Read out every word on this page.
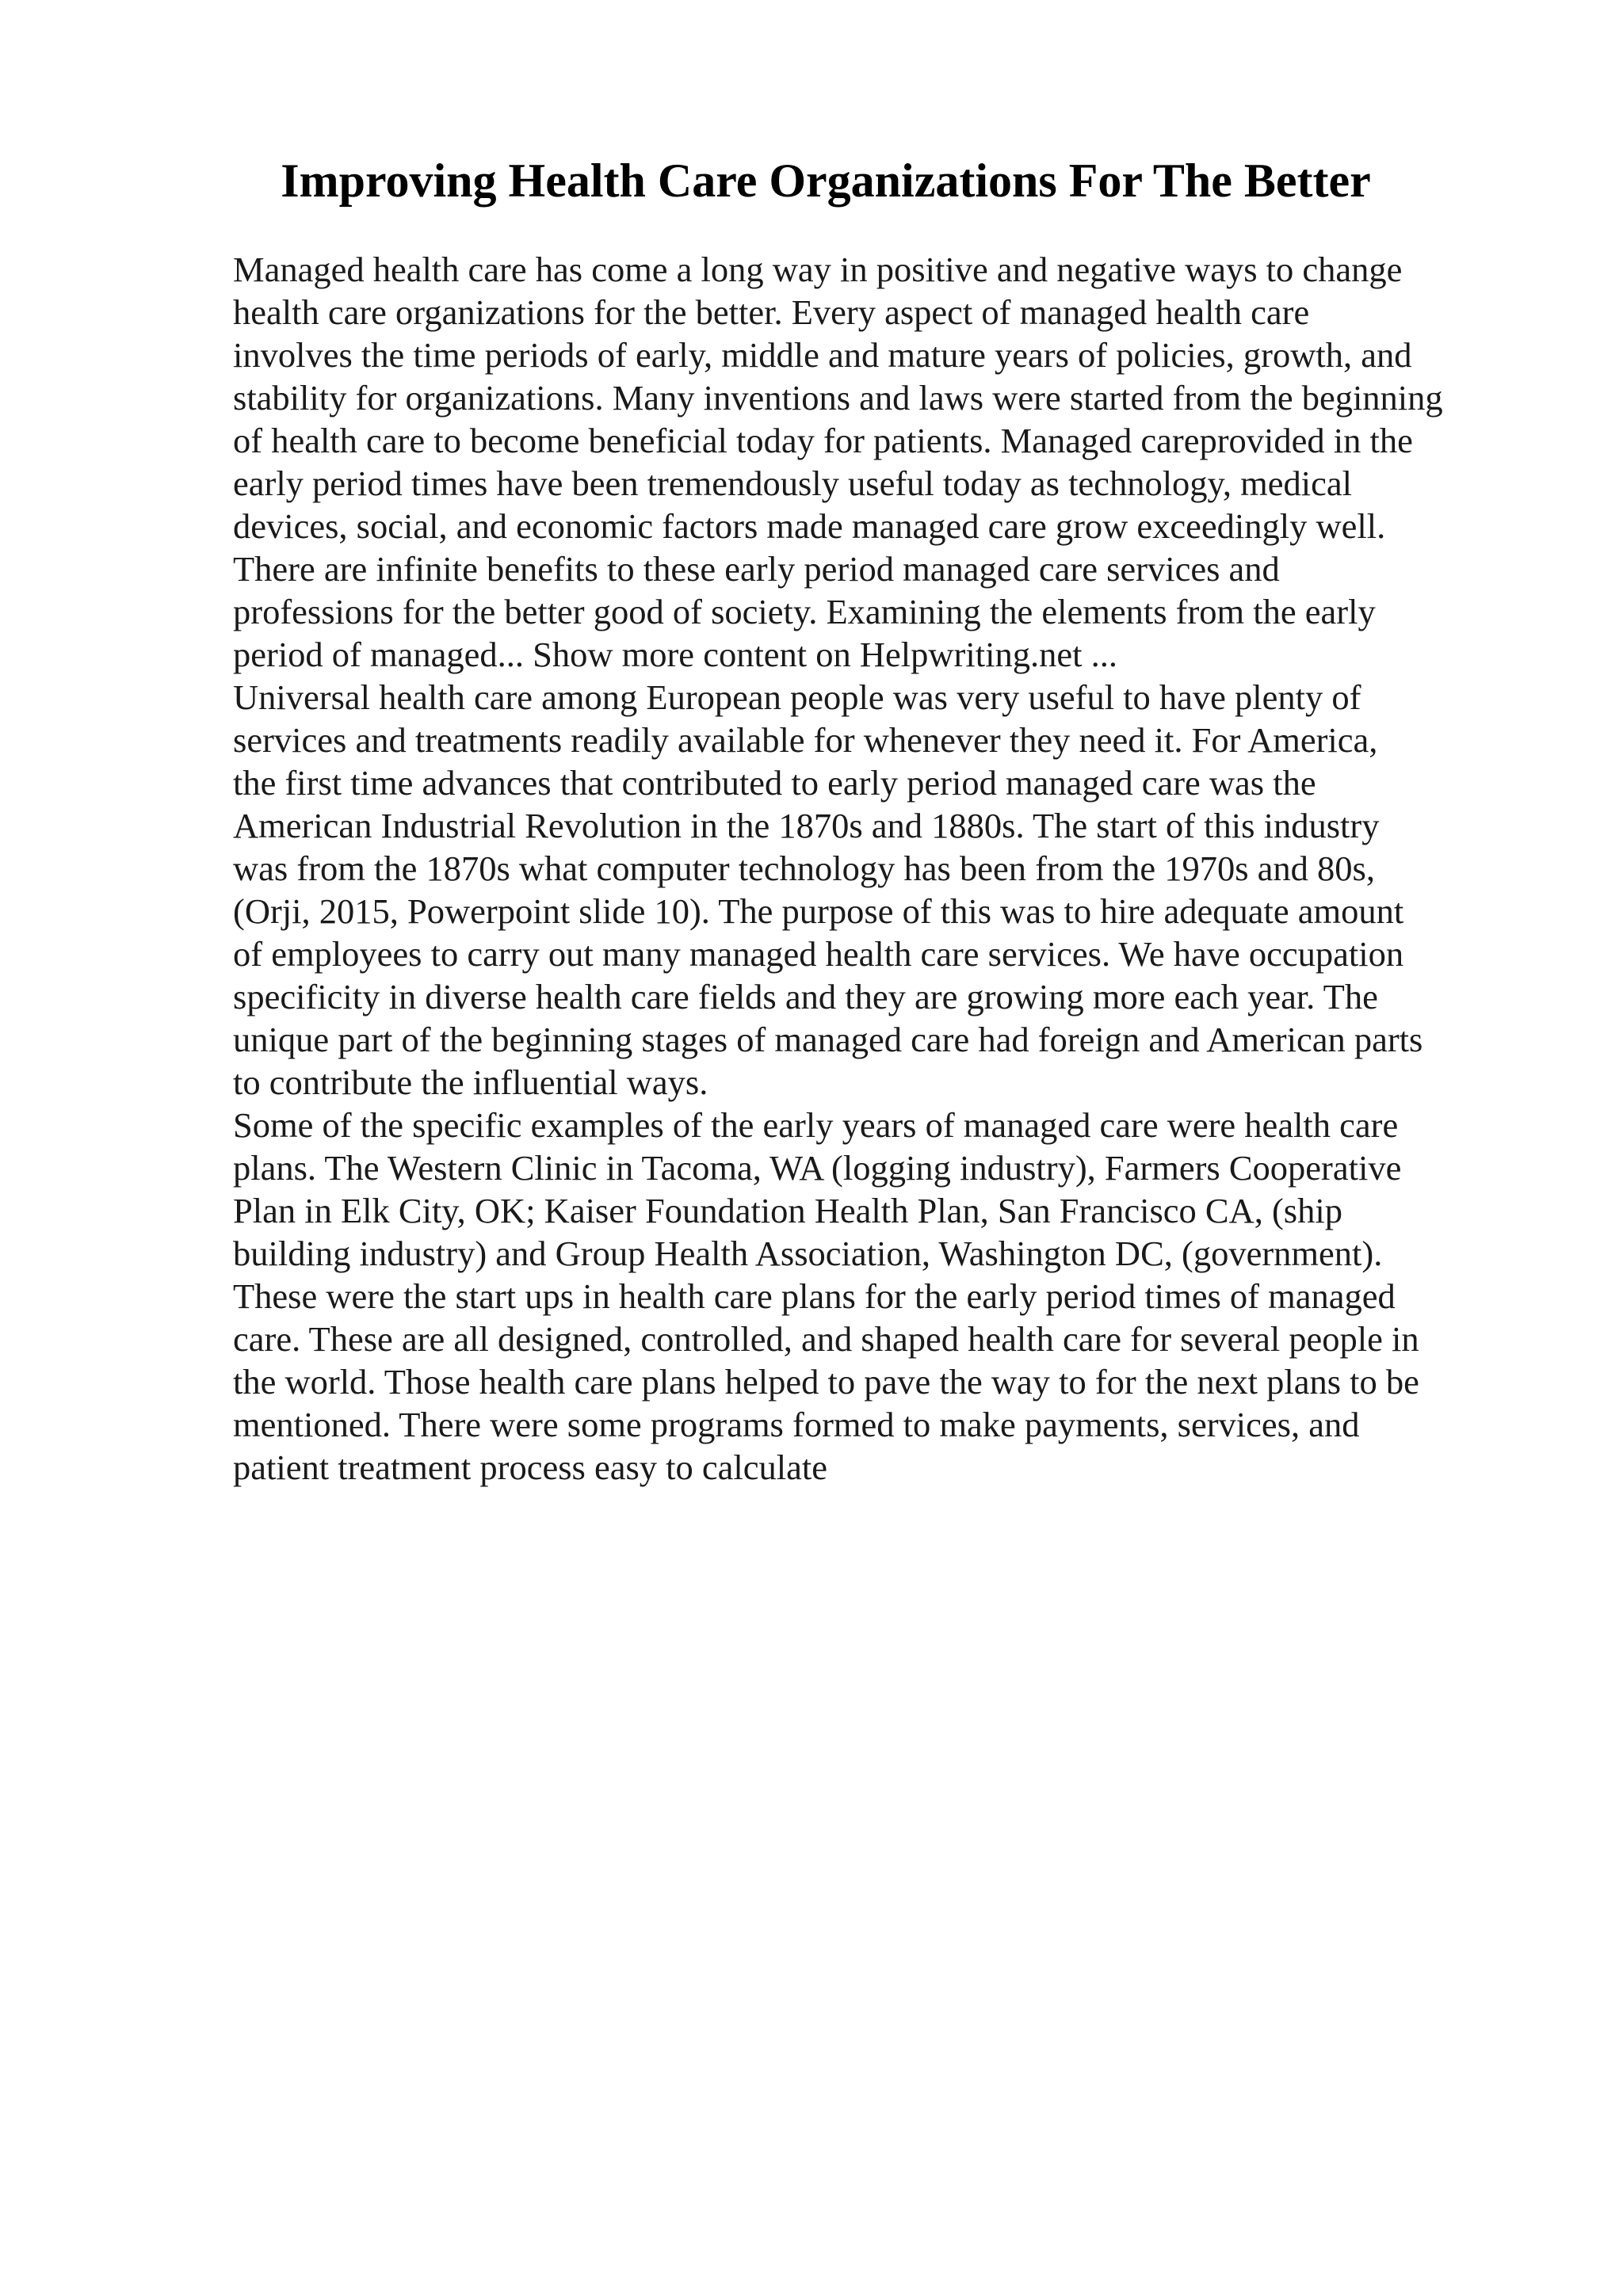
Improving Health Care Organizations For The Better
Managed health care has come a long way in positive and negative ways to change
health care organizations for the better. Every aspect of managed health care
involves the time periods of early, middle and mature years of policies, growth, and
stability for organizations. Many inventions and laws were started from the beginning
of health care to become beneficial today for patients. Managed careprovided in the
early period times have been tremendously useful today as technology, medical
devices, social, and economic factors made managed care grow exceedingly well.
There are infinite benefits to these early period managed care services and
professions for the better good of society. Examining the elements from the early
period of managed... Show more content on Helpwriting.net ...
Universal health care among European people was very useful to have plenty of
services and treatments readily available for whenever they need it. For America,
the first time advances that contributed to early period managed care was the
American Industrial Revolution in the 1870s and 1880s. The start of this industry
was from the 1870s what computer technology has been from the 1970s and 80s,
(Orji, 2015, Powerpoint slide 10). The purpose of this was to hire adequate amount
of employees to carry out many managed health care services. We have occupation
specificity in diverse health care fields and they are growing more each year. The
unique part of the beginning stages of managed care had foreign and American parts
to contribute the influential ways.
Some of the specific examples of the early years of managed care were health care
plans. The Western Clinic in Tacoma, WA (logging industry), Farmers Cooperative
Plan in Elk City, OK; Kaiser Foundation Health Plan, San Francisco CA, (ship
building industry) and Group Health Association, Washington DC, (government).
These were the start ups in health care plans for the early period times of managed
care. These are all designed, controlled, and shaped health care for several people in
the world. Those health care plans helped to pave the way to for the next plans to be
mentioned. There were some programs formed to make payments, services, and
patient treatment process easy to calculate
